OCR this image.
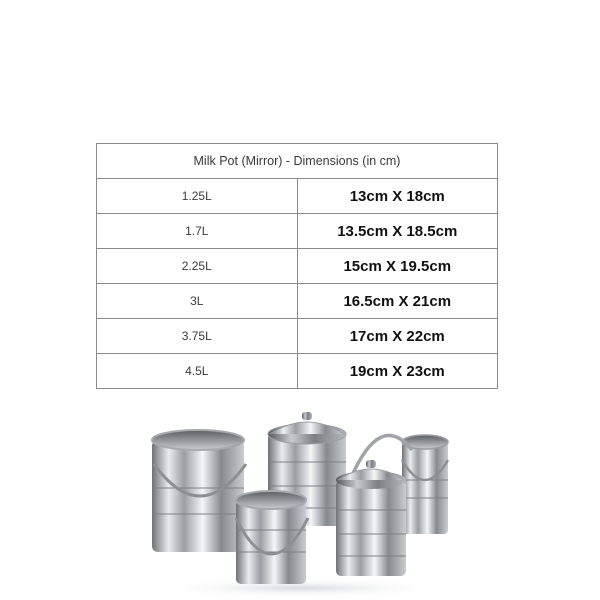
Milk Pot (Mirror) - Dimensions (in cm)	
1.25L	13cm X 18cm
1.7L	13.5cm X 18.5cm
2.25L	15cm X 19.5cm
3L	16.5cm X 21cm
3.75L	17cm X 22cm
4.5L	19cm X 23cm
